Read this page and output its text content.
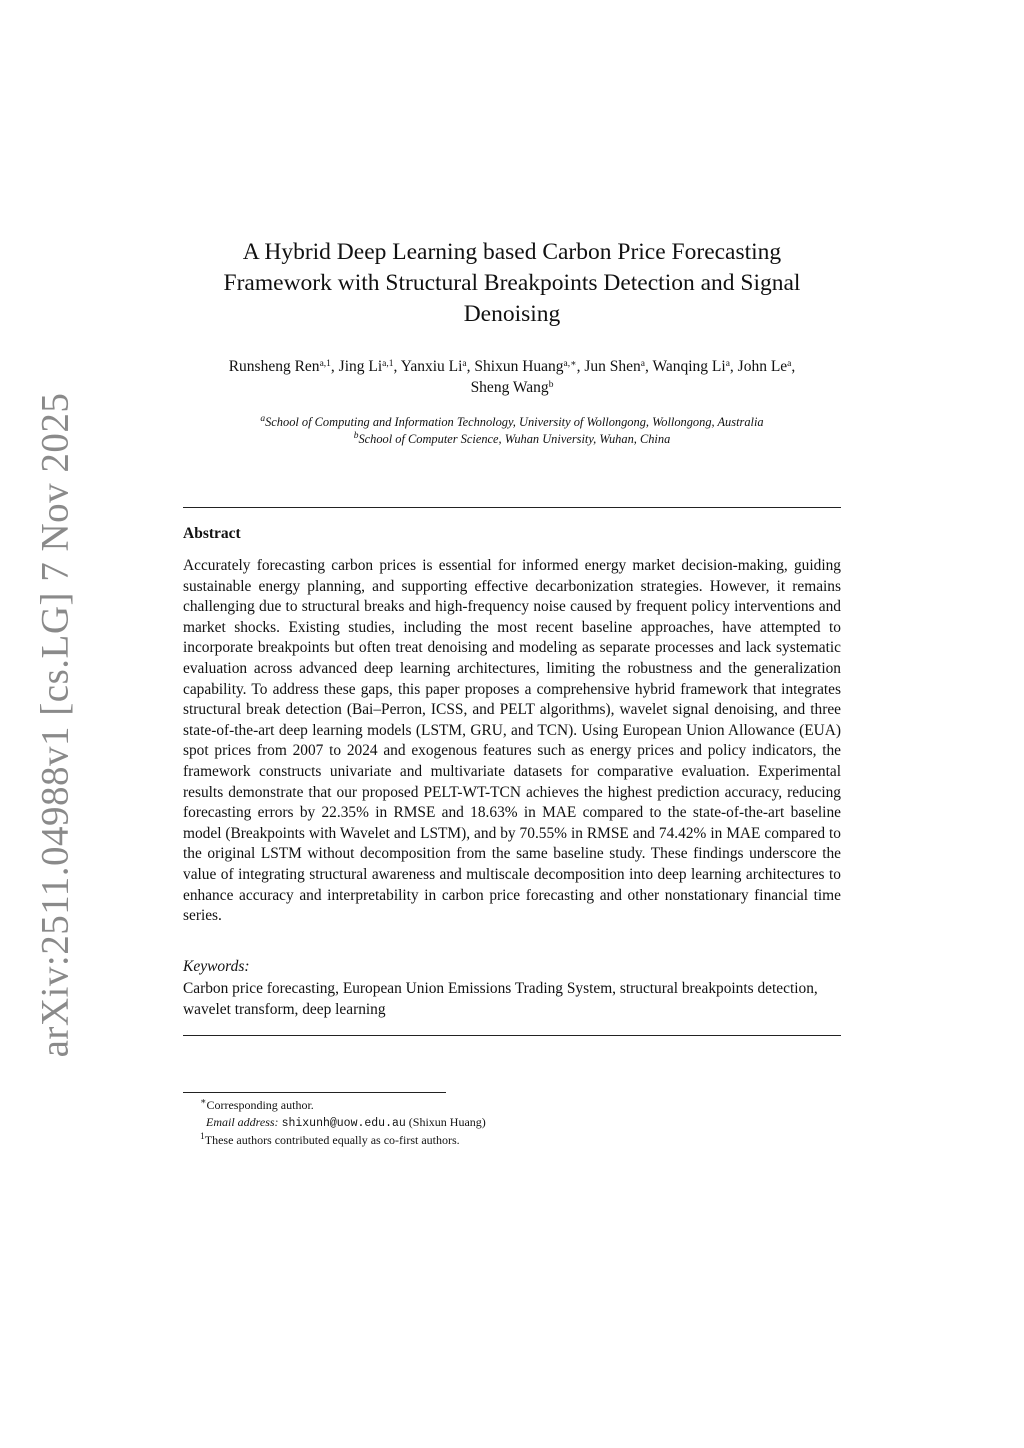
arXiv:2511.04988v1 [cs.LG] 7 Nov 2025
A Hybrid Deep Learning based Carbon Price Forecasting
Framework with Structural Breakpoints Detection and Signal
Denoising
Runsheng Ren$^{a,1}$, Jing Li$^{a,1}$, Yanxiu Li$^a$, Shixun Huang$^{a,∗}$, Jun Shen$^a$, Wanqing Li$^a$, John Le$^a$,
Sheng Wang$^b$
$^a$School of Computing and Information Technology, University of Wollongong, Wollongong, Australia
$^b$School of Computer Science, Wuhan University, Wuhan, China
Abstract
Accurately forecasting carbon prices is essential for informed energy market decision-making, guiding sustainable energy planning, and supporting effective decarbonization strategies. However, it remains challenging due to structural breaks and high-frequency noise caused by frequent policy interventions and market shocks. Existing studies, including the most recent baseline approaches, have attempted to incorporate breakpoints but often treat denoising and modeling as separate processes and lack systematic evaluation across advanced deep learning architectures, limiting the robustness and the generalization capability. To address these gaps, this paper proposes a comprehensive hybrid framework that integrates structural break detection (Bai–Perron, ICSS, and PELT algorithms), wavelet signal denoising, and three state-of-the-art deep learning models (LSTM, GRU, and TCN). Using European Union Allowance (EUA) spot prices from 2007 to 2024 and exogenous features such as energy prices and policy indicators, the framework constructs univariate and multivariate datasets for comparative evaluation. Experimental results demonstrate that our proposed PELT-WT-TCN achieves the highest prediction accuracy, reducing forecasting errors by 22.35% in RMSE and 18.63% in MAE compared to the state-of-the-art baseline model (Breakpoints with Wavelet and LSTM), and by 70.55% in RMSE and 74.42% in MAE compared to the original LSTM without decomposition from the same baseline study. These findings underscore the value of integrating structural awareness and multiscale decomposition into deep learning architectures to enhance accuracy and interpretability in carbon price forecasting and other nonstationary financial time series.
Keywords:
Carbon price forecasting, European Union Emissions Trading System, structural breakpoints detection, wavelet transform, deep learning
∗Corresponding author.
Email address: shixunh@uow.edu.au (Shixun Huang)
$^1$These authors contributed equally as co-first authors.
